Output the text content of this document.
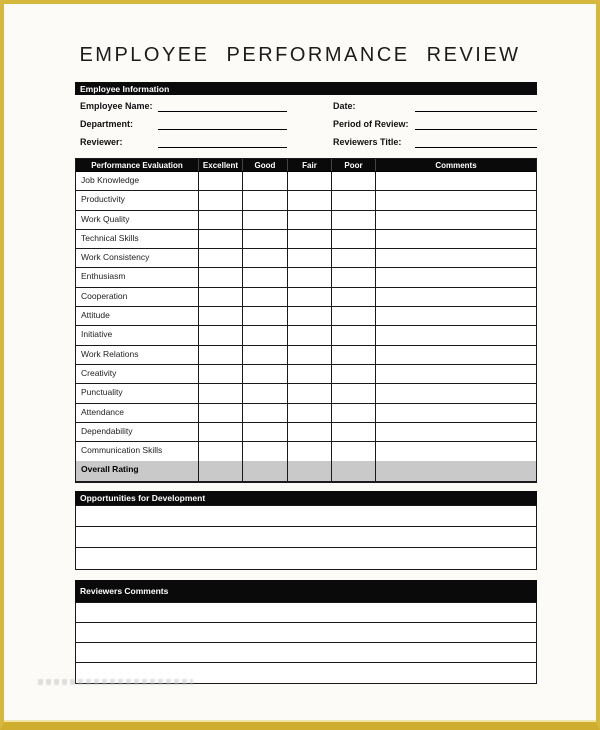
EMPLOYEE PERFORMANCE REVIEW
Employee Information
Employee Name:
Department:
Reviewer:
Date:
Period of Review:
Reviewers Title:
Performance Evaluation	Excellent	Good	Fair	Poor	Comments
Job Knowledge
Productivity
Work Quality
Technical Skills
Work Consistency
Enthusiasm
Cooperation
Attitude
Initiative
Work Relations
Creativity
Punctuality
Attendance
Dependability
Communication Skills
Overall Rating
Opportunities for Development
Reviewers Comments
